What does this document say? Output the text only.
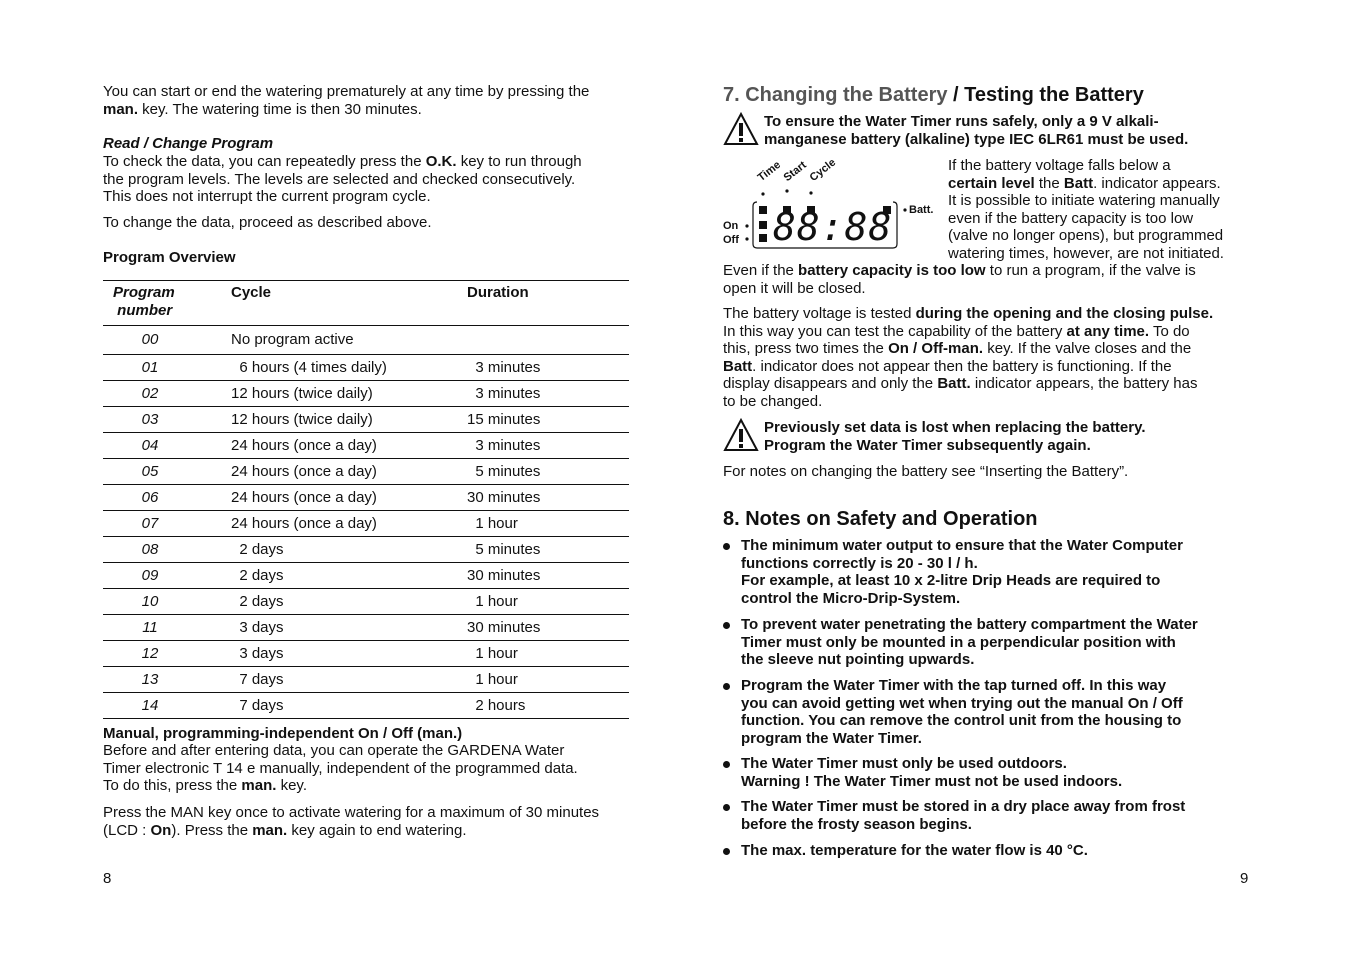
You can start or end the watering prematurely at any time by pressing the
man. key. The watering time is then 30 minutes.

Read / Change Program

To check the data, you can repeatedly press the O.K. key to run through
the program levels. The levels are selected and checked consecutively.
This does not interrupt the current program cycle.

To change the data, proceed as described above.

Program Overview

Program
number	Cycle	Duration
00	No program active	
01	6 hours (4 times daily)	3 minutes
02	12 hours (twice daily)	3 minutes
03	12 hours (twice daily)	15 minutes
04	24 hours (once a day)	3 minutes
05	24 hours (once a day)	5 minutes
06	24 hours (once a day)	30 minutes
07	24 hours (once a day)	1 hour
08	2 days	5 minutes
09	2 days	30 minutes
10	2 days	1 hour
11	3 days	30 minutes
12	3 days	1 hour
13	7 days	1 hour
14	7 days	2 hours

Manual, programming-independent On / Off (man.)

Before and after entering data, you can operate the GARDENA Water
Timer electronic T 14 e manually, independent of the programmed data.
To do this, press the man. key.

Press the MAN key once to activate watering for a maximum of 30 minutes
(LCD : On). Press the man. key again to end watering.

8

7. Changing the Battery / Testing the Battery

To ensure the Water Timer runs safely, only a 9 V alkali-
manganese battery (alkaline) type IEC 6LR61 must be used.

Time
Start
Cycle
On
Off
Batt.
88:88

If the battery voltage falls below a
certain level the Batt. indicator appears.
It is possible to initiate watering manually
even if the battery capacity is too low
(valve no longer opens), but programmed
watering times, however, are not initiated.

Even if the battery capacity is too low to run a program, if the valve is
open it will be closed.

The battery voltage is tested during the opening and the closing pulse.
In this way you can test the capability of the battery at any time. To do
this, press two times the On / Off-man. key. If the valve closes and the
Batt. indicator does not appear then the battery is functioning. If the
display disappears and only the Batt. indicator appears, the battery has
to be changed.

Previously set data is lost when replacing the battery.
Program the Water Timer subsequently again.

For notes on changing the battery see “Inserting the Battery”.

8. Notes on Safety and Operation
The minimum water output to ensure that the Water Computer
functions correctly is 20 - 30 l / h.
For example, at least 10 x 2-litre Drip Heads are required to
control the Micro-Drip-System.
To prevent water penetrating the battery compartment the Water
Timer must only be mounted in a perpendicular position with
the sleeve nut pointing upwards.
Program the Water Timer with the tap turned off. In this way
you can avoid getting wet when trying out the manual On / Off
function. You can remove the control unit from the housing to
program the Water Timer.
The Water Timer must only be used outdoors.
Warning ! The Water Timer must not be used indoors.
The Water Timer must be stored in a dry place away from frost
before the frosty season begins.
The max. temperature for the water flow is 40 °C.

9
